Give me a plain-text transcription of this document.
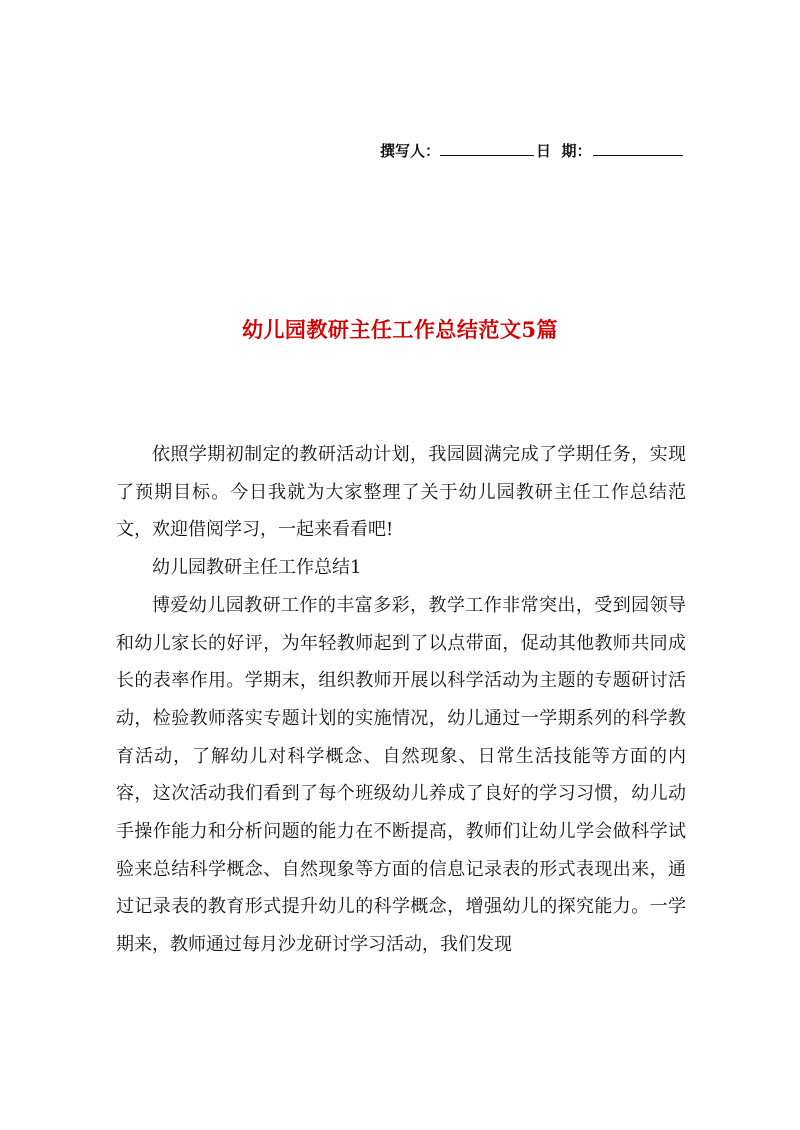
撰写人：	日  期：
幼儿园教研主任工作总结范文5篇

依照学期初制定的教研活动计划，我园圆满完成了学期任务，实现了预期目标。今日我就为大家整理了关于幼儿园教研主任工作总结范文，欢迎借阅学习，一起来看看吧!

幼儿园教研主任工作总结1

博爱幼儿园教研工作的丰富多彩，教学工作非常突出，受到园领导和幼儿家长的好评，为年轻教师起到了以点带面，促动其他教师共同成长的表率作用。学期末，组织教师开展以科学活动为主题的专题研讨活动，检验教师落实专题计划的实施情况，幼儿通过一学期系列的科学教育活动，了解幼儿对科学概念、自然现象、日常生活技能等方面的内容，这次活动我们看到了每个班级幼儿养成了良好的学习习惯，幼儿动手操作能力和分析问题的能力在不断提高，教师们让幼儿学会做科学试验来总结科学概念、自然现象等方面的信息记录表的形式表现出来，通过记录表的教育形式提升幼儿的科学概念，增强幼儿的探究能力。一学期来，教师通过每月沙龙研讨学习活动，我们发现
